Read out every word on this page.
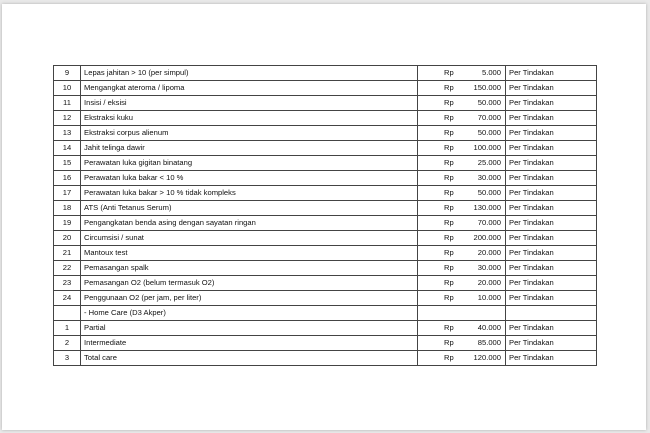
9	Lepas jahitan > 10 (per simpul)	Rp	5.000	Per Tindakan
10	Mengangkat ateroma / lipoma	Rp	150.000	Per Tindakan
11	Insisi / eksisi	Rp	50.000	Per Tindakan
12	Ekstraksi kuku	Rp	70.000	Per Tindakan
13	Ekstraksi corpus alienum	Rp	50.000	Per Tindakan
14	Jahit telinga dawir	Rp	100.000	Per Tindakan
15	Perawatan luka gigitan binatang	Rp	25.000	Per Tindakan
16	Perawatan luka bakar < 10 %	Rp	30.000	Per Tindakan
17	Perawatan luka bakar > 10 % tidak kompleks	Rp	50.000	Per Tindakan
18	ATS (Anti Tetanus Serum)	Rp	130.000	Per Tindakan
19	Pengangkatan benda asing dengan sayatan ringan	Rp	70.000	Per Tindakan
20	Circumsisi / sunat	Rp	200.000	Per Tindakan
21	Mantoux test	Rp	20.000	Per Tindakan
22	Pemasangan spalk	Rp	30.000	Per Tindakan
23	Pemasangan O2 (belum termasuk O2)	Rp	20.000	Per Tindakan
24	Penggunaan O2 (per jam, per liter)	Rp	10.000	Per Tindakan
	- Home Care (D3 Akper)			
1	Partial	Rp	40.000	Per Tindakan
2	Intermediate	Rp	85.000	Per Tindakan
3	Total care	Rp	120.000	Per Tindakan
